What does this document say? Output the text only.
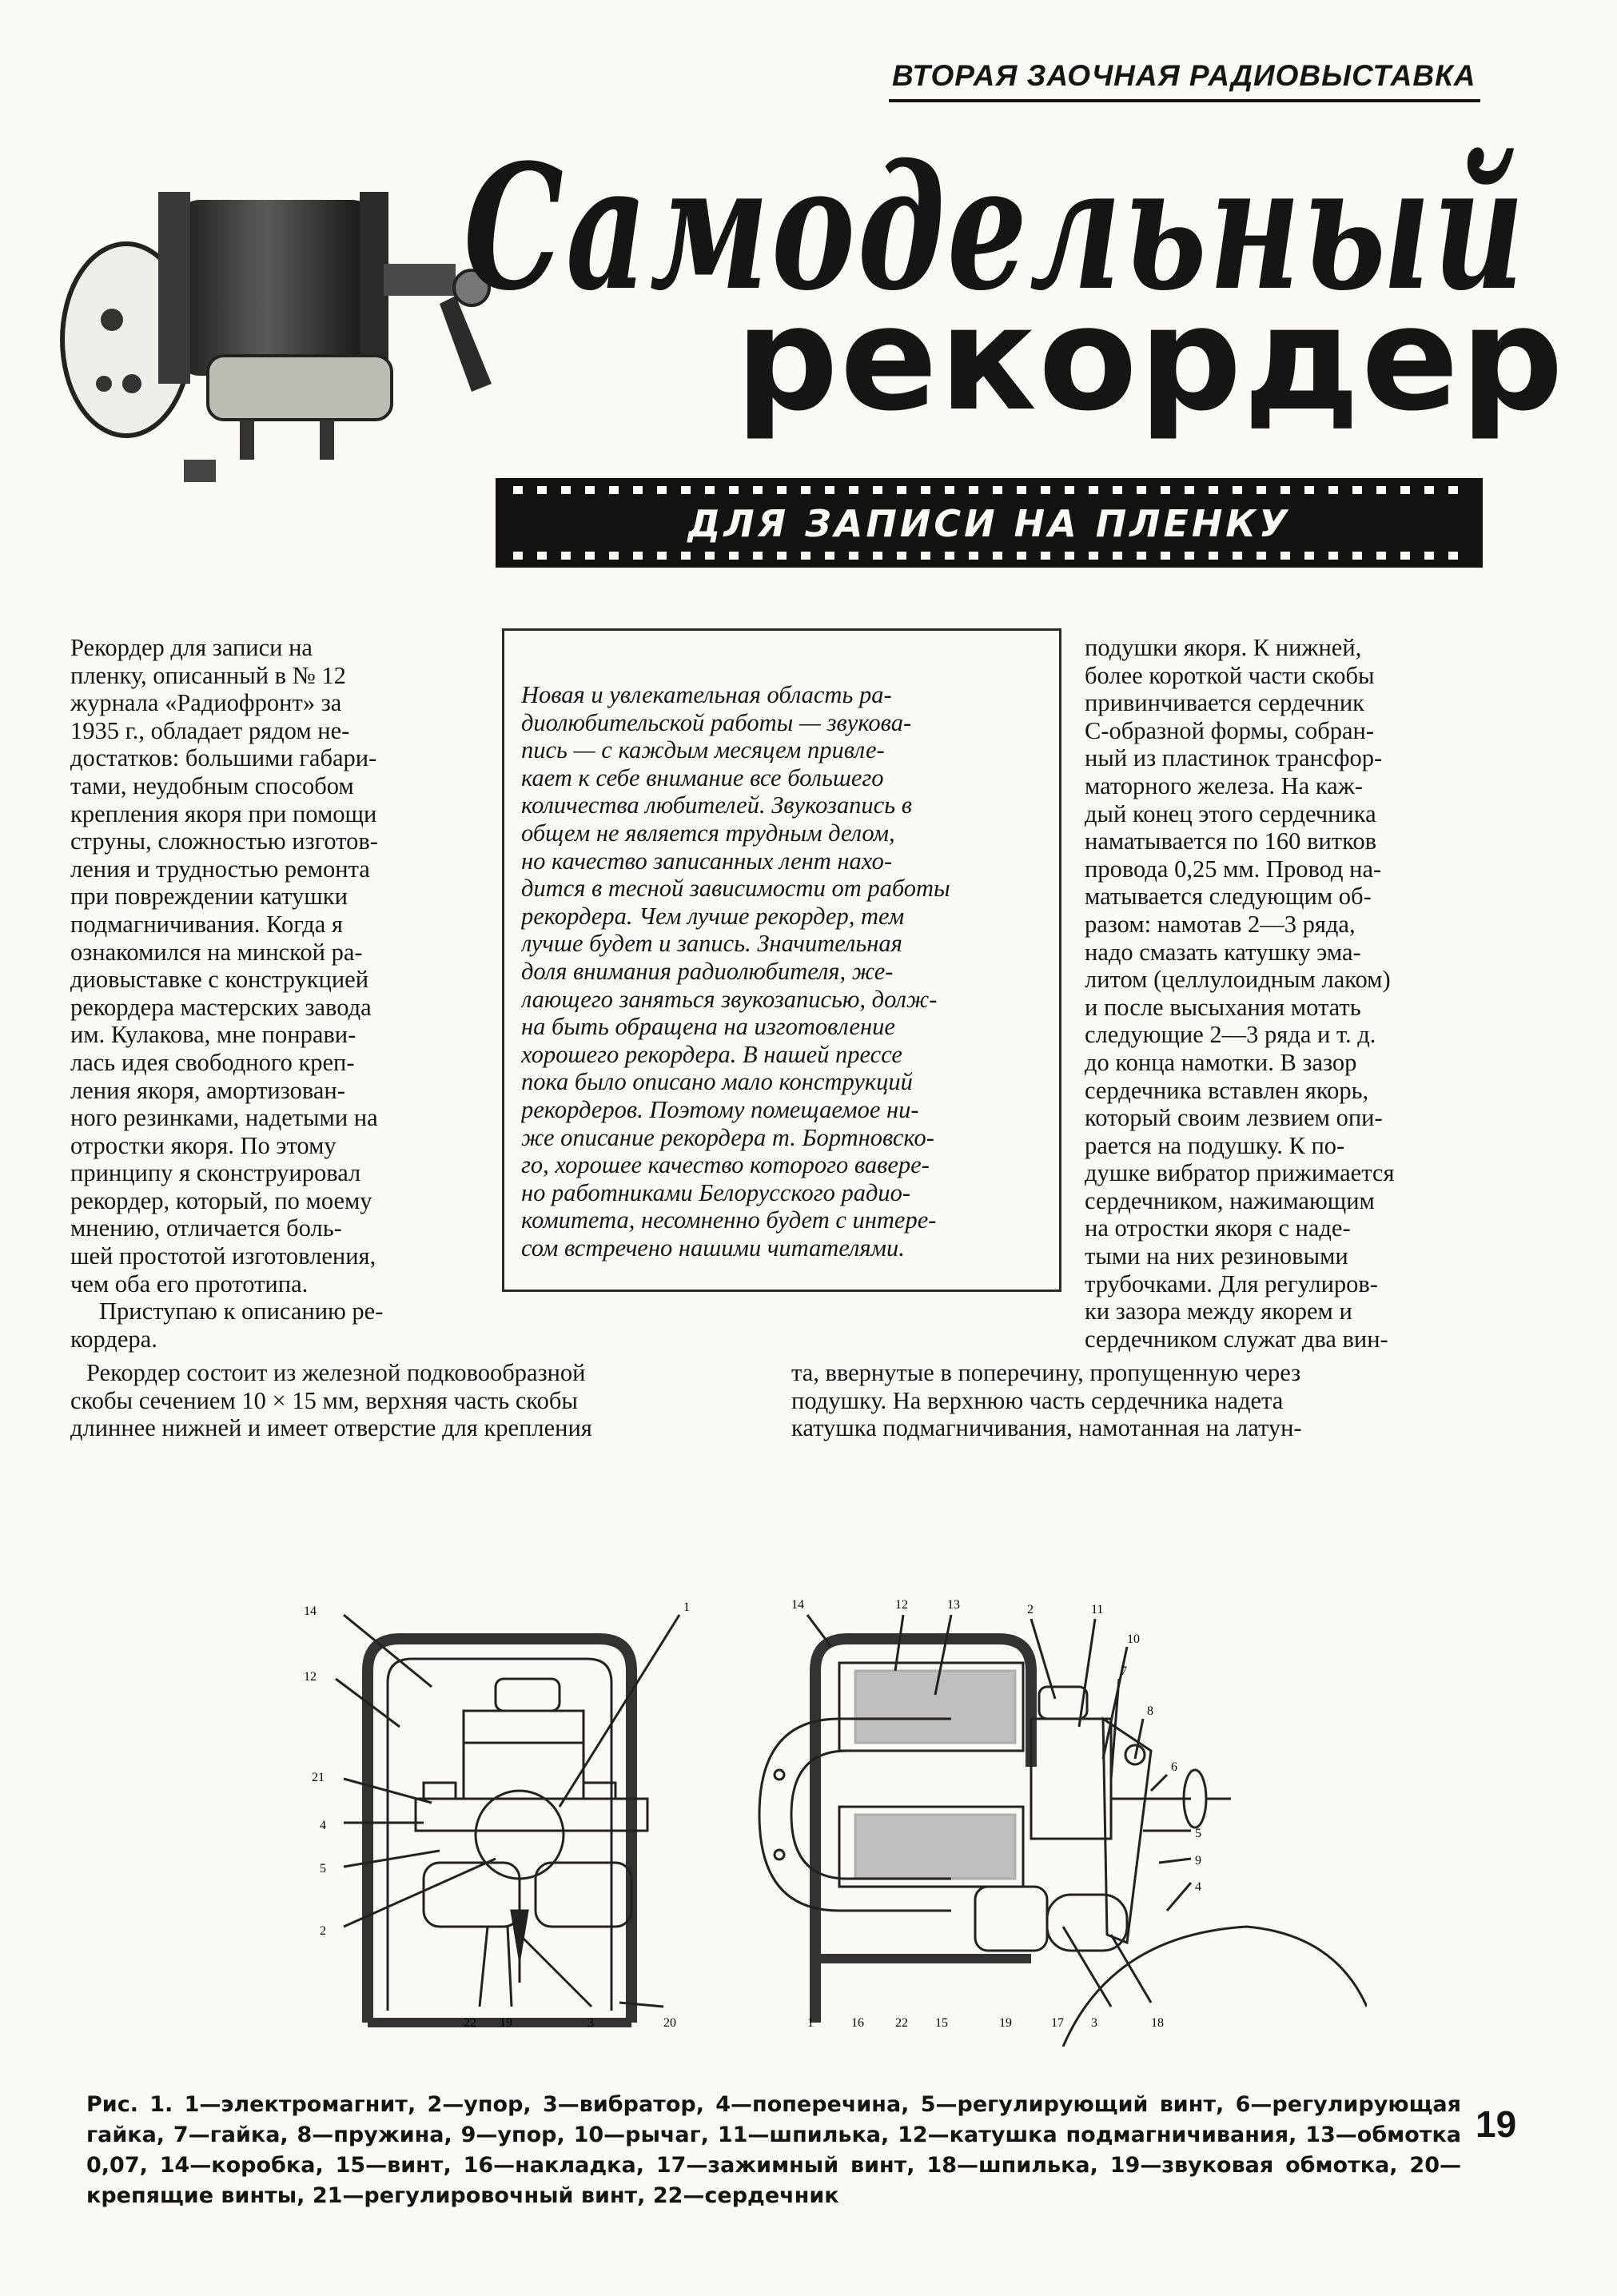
ВТОРАЯ ЗАОЧНАЯ РАДИОВЫСТАВКА
Самодельный
рекордер
ДЛЯ ЗАПИСИ НА ПЛЕНКУ
Рекордер для записи на
пленку, описанный в № 12
журнала «Радиофронт» за
1935 г., обладает рядом не-
достатков: большими габари-
тами, неудобным способом
крепления якоря при помощи
струны, сложностью изготов-
ления и трудностью ремонта
при повреждении катушки
подмагничивания. Когда я
ознакомился на минской ра-
диовыставке с конструкцией
рекордера мастерских завода
им. Кулакова, мне понрави-
лась идея свободного креп-
ления якоря, амортизован-
ного резинками, надетыми на
отростки якоря. По этому
принципу я сконструировал
рекордер, который, по моему
мнению, отличается боль-
шей простотой изготовления,
чем оба его прототипа.
Приступаю к описанию ре-
кордера.
Новая и увлекательная область ра-
диолюбительской работы — звукова-
пись — с каждым месяцем привле-
кает к себе внимание все большего
количества любителей. Звукозапись в
общем не является трудным делом,
но качество записанных лент нахо-
дится в тесной зависимости от работы
рекордера. Чем лучше рекордер, тем
лучше будет и запись. Значительная
доля внимания радиолюбителя, же-
лающего заняться звукозаписью, долж-
на быть обращена на изготовление
хорошего рекордера. В нашей прессе
пока было описано мало конструкций
рекордеров. Поэтому помещаемое ни-
же описание рекордера т. Бортновско-
го, хорошее качество которого вавере-
но работниками Белорусского радио-
комитета, несомненно будет с интере-
сом встречено нашими читателями.
подушки якоря. К нижней,
более короткой части скобы
привинчивается сердечник
С-образной формы, собран-
ный из пластинок трансфор-
маторного железа. На каж-
дый конец этого сердечника
наматывается по 160 витков
провода 0,25 мм. Провод на-
матывается следующим об-
разом: намотав 2—3 ряда,
надо смазать катушку эма-
литом (целлулоидным лаком)
и после высыхания мотать
следующие 2—3 ряда и т. д.
до конца намотки. В зазор
сердечника вставлен якорь,
который своим лезвием опи-
рается на подушку. К по-
душке вибратор прижимается
сердечником, нажимающим
на отростки якоря с наде-
тыми на них резиновыми
трубочками. Для регулиров-
ки зазора между якорем и
сердечником служат два вин-
Рекордер состоит из железной подковообразной
скобы сечением 10 × 15 мм, верхняя часть скобы
длиннее нижней и имеет отверстие для крепления
та, ввернутые в поперечину, пропущенную через
подушку. На верхнюю часть сердечника надета
катушка подмагничивания, намотанная на латун-
14	1
12
21
4
5
2
22 19	3	20
14	12	13	2	11
10
7
8
6
5
9
4
1	16 22 15	19	17 3	18
Рис. 1. 1—электромагнит, 2—упор, 3—вибратор, 4—поперечина, 5—регулирующий винт, 6—регулирующая гайка, 7—гайка, 8—пружина, 9—упор, 10—рычаг, 11—шпилька, 12—катушка подмагничивания, 13—обмотка 0,07, 14—коробка, 15—винт, 16—накладка, 17—зажимный винт, 18—шпилька, 19—звуковая обмотка, 20—крепящие винты, 21—регулировочный винт, 22—сердечник
19
